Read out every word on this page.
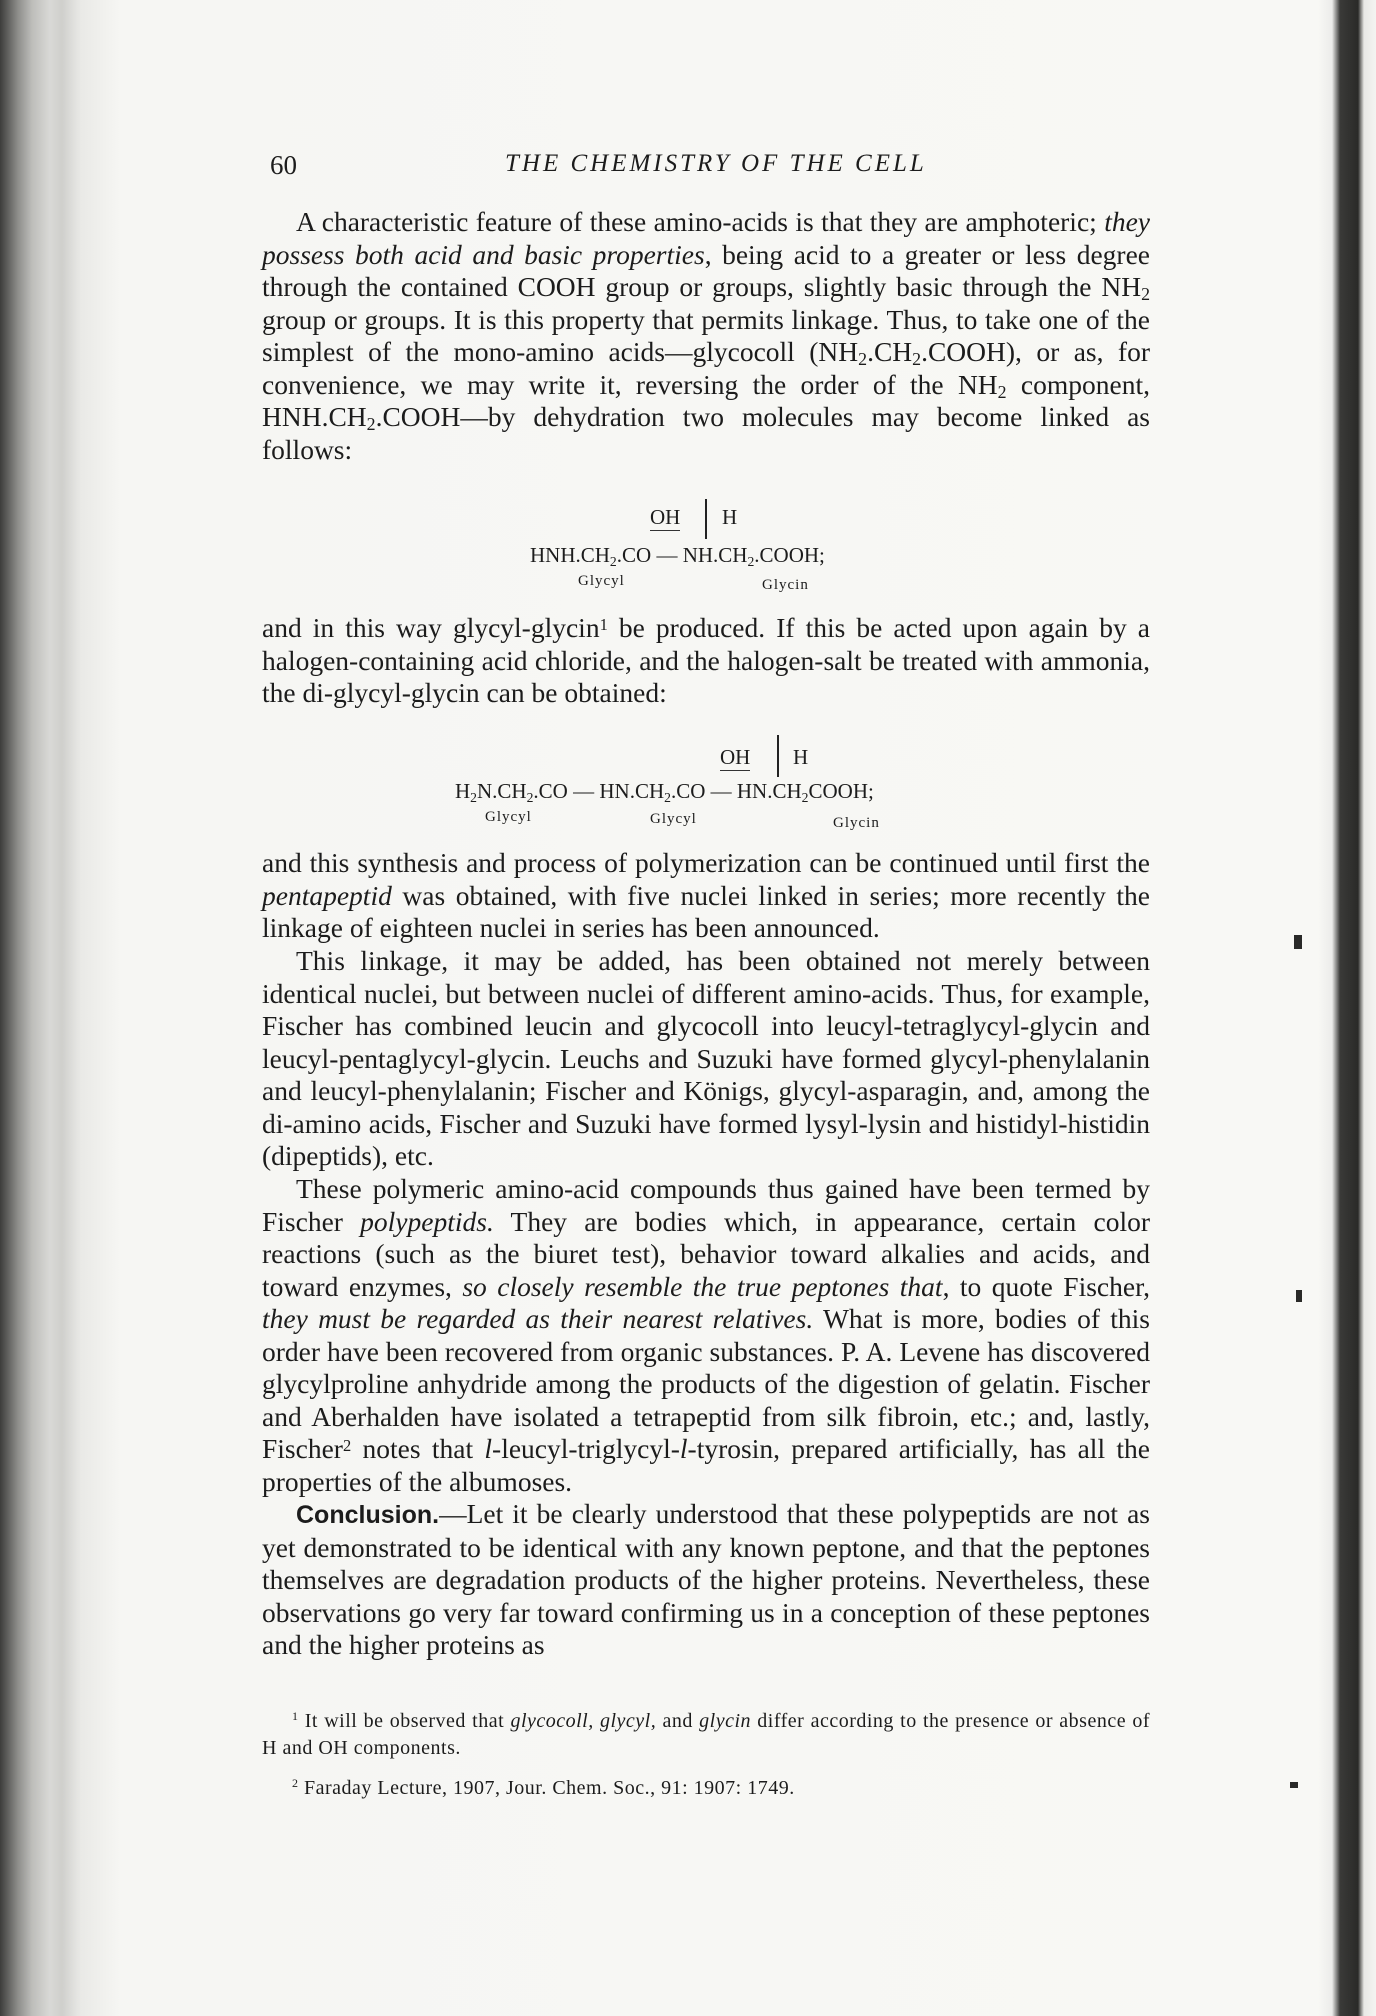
60	THE CHEMISTRY OF THE CELL

A characteristic feature of these amino-acids is that they are amphoteric; they possess both acid and basic properties, being acid to a greater or less degree through the contained COOH group or groups, slightly basic through the $NH_2$ group or groups. It is this property that permits linkage. Thus, to take one of the simplest of the mono-amino acids—glycocoll $(NH_2.CH_2.COOH)$, or as, for convenience, we may write it, reversing the order of the $NH_2$ component, $HNH.CH_2.COOH—by$ dehydration two molecules may become linked as follows:

OH H
$HNH.CH_2.CO$ — $NH.CH_2.COOH$;
Glycyl	Glycin

and in this way glycyl-glycin$^1$ be produced. If this be acted upon again by a halogen-containing acid chloride, and the halogen-salt be treated with ammonia, the di-glycyl-glycin can be obtained:

OH H
$H_2N.CH_2.CO$ — $HN.CH_2.CO$ — $HN.CH_2COOH$;
Glycyl	Glycyl	Glycin

and this synthesis and process of polymerization can be continued until first the pentapeptid was obtained, with five nuclei linked in series; more recently the linkage of eighteen nuclei in series has been announced.

This linkage, it may be added, has been obtained not merely between identical nuclei, but between nuclei of different amino-acids. Thus, for example, Fischer has combined leucin and glycocoll into leucyl-tetraglycyl-glycin and leucyl-pentaglycyl-glycin. Leuchs and Suzuki have formed glycyl-phenylalanin and leucyl-phenylalanin; Fischer and Königs, glycyl-asparagin, and, among the di-amino acids, Fischer and Suzuki have formed lysyl-lysin and histidyl-histidin (dipeptids), etc.

These polymeric amino-acid compounds thus gained have been termed by Fischer polypeptids. They are bodies which, in appearance, certain color reactions (such as the biuret test), behavior toward alkalies and acids, and toward enzymes, so closely resemble the true peptones that, to quote Fischer, they must be regarded as their nearest relatives. What is more, bodies of this order have been recovered from organic substances. P. A. Levene has discovered glycylproline anhydride among the products of the digestion of gelatin. Fischer and Aberhalden have isolated a tetrapeptid from silk fibroin, etc.; and, lastly, Fischer$^2$ notes that l-leucyl-triglycyl-l-tyrosin, prepared artificially, has all the properties of the albumoses.

Conclusion.—Let it be clearly understood that these polypeptids are not as yet demonstrated to be identical with any known peptone, and that the peptones themselves are degradation products of the higher proteins. Nevertheless, these observations go very far toward confirming us in a conception of these peptones and the higher proteins as

$^1$ It will be observed that glycocoll, glycyl, and glycin differ according to the presence or absence of H and OH components.

$^2$ Faraday Lecture, 1907, Jour. Chem. Soc., 91: 1907: 1749.
